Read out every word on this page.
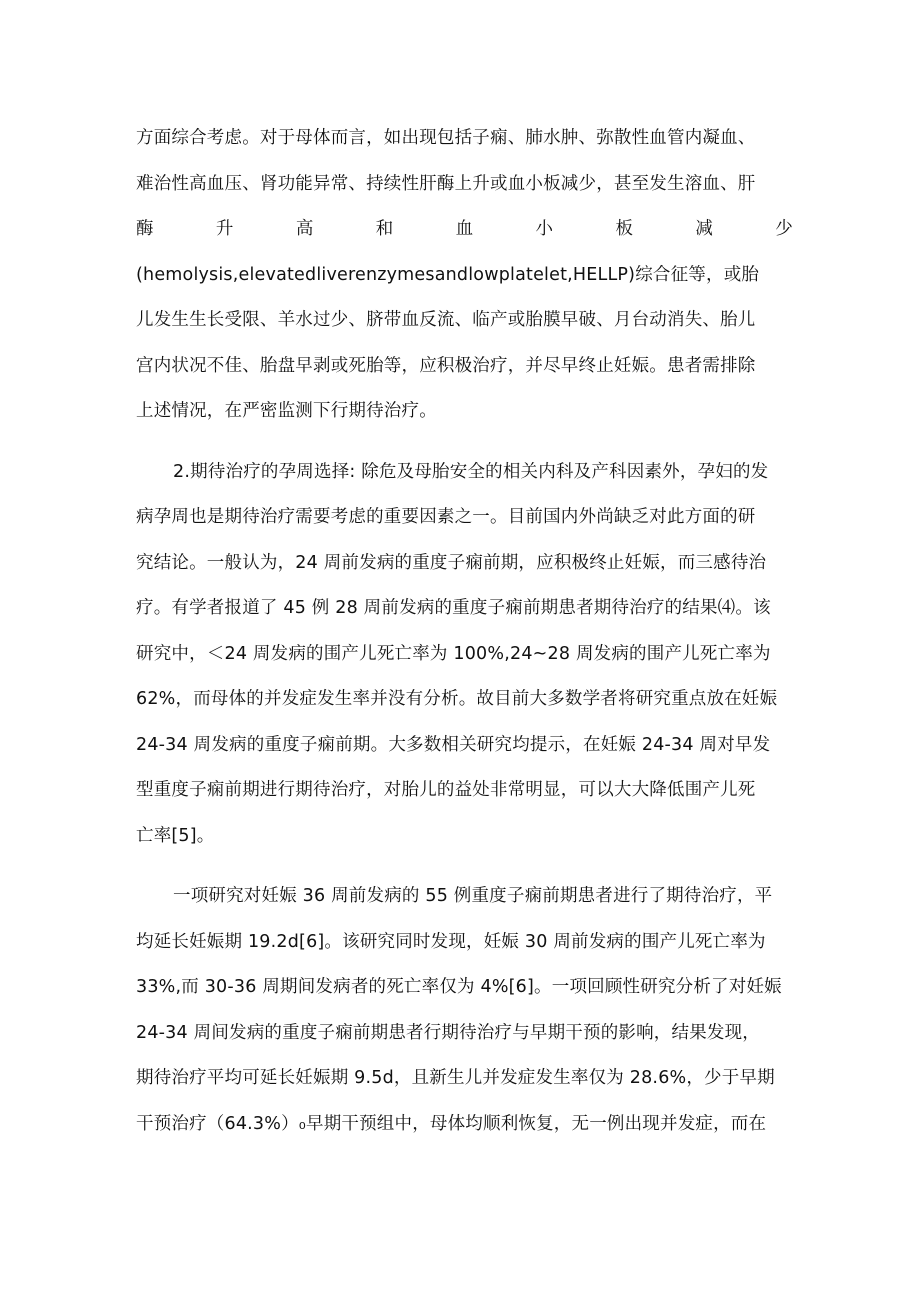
方面综合考虑。对于母体而言，如出现包括子痫、肺水肿、弥散性血管内凝血、
难治性高血压、肾功能异常、持续性肝酶上升或血小板减少，甚至发生溶血、肝
酶	升	高	和	血	小	板	减	少
(hemolysis,elevatedliverenzymesandlowplatelet,HELLP)综合征等，或胎
儿发生生长受限、羊水过少、脐带血反流、临产或胎膜早破、月台动消失、胎儿
宫内状况不佳、胎盘早剥或死胎等，应积极治疗，并尽早终止妊娠。患者需排除
上述情况，在严密监测下行期待治疗。
2.期待治疗的孕周选择: 除危及母胎安全的相关内科及产科因素外，孕妇的发
病孕周也是期待治疗需要考虑的重要因素之一。目前国内外尚缺乏对此方面的研
究结论。一般认为，24 周前发病的重度子痫前期，应积极终止妊娠，而三感待治
疗。有学者报道了 45 例 28 周前发病的重度子痫前期患者期待治疗的结果⑷。该
研究中，＜24 周发病的围产儿死亡率为 100%,24~28 周发病的围产儿死亡率为
62%，而母体的并发症发生率并没有分析。故目前大多数学者将研究重点放在妊娠
24-34 周发病的重度子痫前期。大多数相关研究均提示，在妊娠 24-34 周对早发
型重度子痫前期进行期待治疗，对胎儿的益处非常明显，可以大大降低围产儿死
亡率[5]。
一项研究对妊娠 36 周前发病的 55 例重度子痫前期患者进行了期待治疗，平
均延长妊娠期 19.2d[6]。该研究同时发现，妊娠 30 周前发病的围产儿死亡率为
33%,而 30-36 周期间发病者的死亡率仅为 4%[6]。一项回顾性研究分析了对妊娠
24-34 周间发病的重度子痫前期患者行期待治疗与早期干预的影响，结果发现，
期待治疗平均可延长妊娠期 9.5d，且新生儿并发症发生率仅为 28.6%，少于早期
干预治疗（64.3%）₀早期干预组中，母体均顺利恢复，无一例出现并发症，而在
